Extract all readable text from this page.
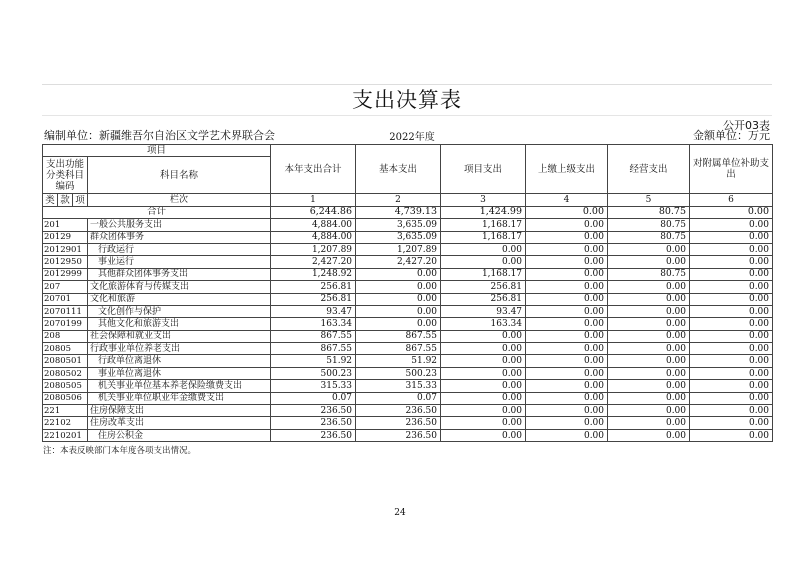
支出决算表
公开03表
编制单位：新疆维吾尔自治区文学艺术界联合会	2022年度	金额单位：万元
项目				本年支出合计	基本支出	项目支出	上缴上级支出	经营支出	对附属单位补助支出
支出功能分类科目编码			科目名称						
类	款	项							
			栏次	1	2	3	4	5	6
合计				6,244.86	4,739.13	1,424.99	0.00	80.75	0.00
201			一般公共服务支出	4,884.00	3,635.09	1,168.17	0.00	80.75	0.00
20129			群众团体事务	4,884.00	3,635.09	1,168.17	0.00	80.75	0.00
2012901			行政运行	1,207.89	1,207.89	0.00	0.00	0.00	0.00
2012950			事业运行	2,427.20	2,427.20	0.00	0.00	0.00	0.00
2012999			其他群众团体事务支出	1,248.92	0.00	1,168.17	0.00	80.75	0.00
207			文化旅游体育与传媒支出	256.81	0.00	256.81	0.00	0.00	0.00
20701			文化和旅游	256.81	0.00	256.81	0.00	0.00	0.00
2070111			文化创作与保护	93.47	0.00	93.47	0.00	0.00	0.00
2070199			其他文化和旅游支出	163.34	0.00	163.34	0.00	0.00	0.00
208			社会保障和就业支出	867.55	867.55	0.00	0.00	0.00	0.00
20805			行政事业单位养老支出	867.55	867.55	0.00	0.00	0.00	0.00
2080501			行政单位离退休	51.92	51.92	0.00	0.00	0.00	0.00
2080502			事业单位离退休	500.23	500.23	0.00	0.00	0.00	0.00
2080505			机关事业单位基本养老保险缴费支出	315.33	315.33	0.00	0.00	0.00	0.00
2080506			机关事业单位职业年金缴费支出	0.07	0.07	0.00	0.00	0.00	0.00
221			住房保障支出	236.50	236.50	0.00	0.00	0.00	0.00
22102			住房改革支出	236.50	236.50	0.00	0.00	0.00	0.00
2210201			住房公积金	236.50	236.50	0.00	0.00	0.00	0.00
注：本表反映部门本年度各项支出情况。
24
